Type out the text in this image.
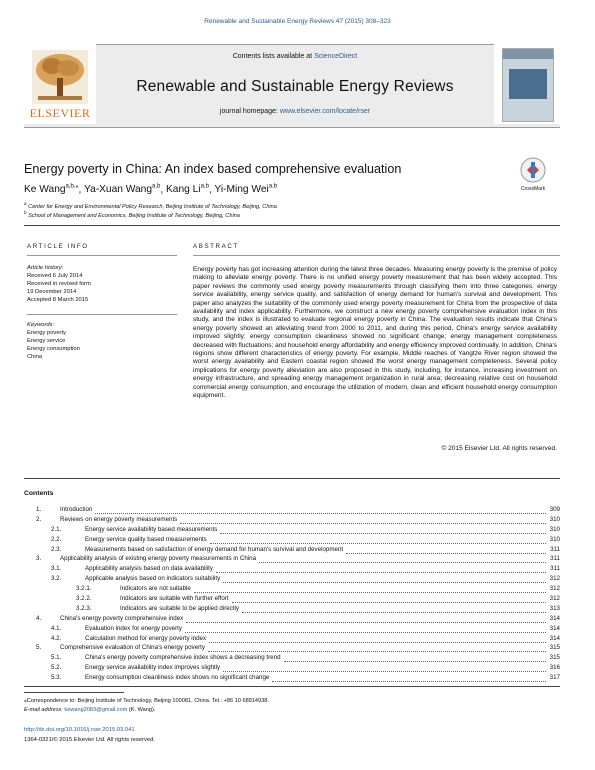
Renewable and Sustainable Energy Reviews 47 (2015) 308–323
ELSEVIER
Contents lists available at ScienceDirect
Renewable and Sustainable Energy Reviews
journal homepage: www.elsevier.com/locate/rser
Energy poverty in China: An index based comprehensive evaluation
CrossMark
Ke Wang$^{a,b,⁎}$, Ya-Xuan Wang$^{a,b}$, Kang Li$^{a,b}$, Yi-Ming Wei$^{a,b}$
$^a$ Center for Energy and Environmental Policy Research, Beijing Institute of Technology, Beijing, China
$^b$ School of Management and Economics, Beijing Institute of Technology, Beijing, China
ARTICLE INFO	ABSTRACT
Article history:
Received 6 July 2014
Received in revised form
19 December 2014
Accepted 8 March 2015
Keywords:
Energy poverty
Energy service
Energy consumption
China
Energy poverty has got increasing attention during the latest three decades. Measuring energy poverty is the premise of policy making to alleviate energy poverty. There is no unified energy poverty measurement that has been widely accepted. This paper reviews the commonly used energy poverty measurements through classifying them into three categories: energy service availability, energy service quality, and satisfaction of energy demand for human's survival and development. This paper also analyzes the suitability of the commonly used energy poverty measurement for China from the prospective of data availability and index applicability. Furthermore, we construct a new energy poverty comprehensive evaluation index in this study, and the index is illustrated to evaluate regional energy poverty in China. The evaluation results indicate that China's energy poverty showed an alleviating trend from 2000 to 2011, and during this period, China's energy service availability improved slightly; energy consumption cleanliness showed no significant change; energy management completeness decreased with fluctuations; and household energy affordability and energy efficiency improved continually. In addition, China's regions show different characteristics of energy poverty. For example, Middle reaches of Yangtze River region showed the worst energy availability and Eastern coastal region showed the worst energy management completeness. Several policy implications for energy poverty alleviation are also proposed in this study, including, for instance, increasing investment on energy infrastructure, and spreading energy management organization in rural area; decreasing relative cost on household commercial energy consumption, and encourage the utilization of modern, clean and efficient household energy consumption equipment.
© 2015 Elsevier Ltd. All rights reserved.
Contents
1.	Introduction	309
2.	Reviews on energy poverty measurements	310
2.1.	Energy service availability based measurements	310
2.2.	Energy service quality based measurements	310
2.3.	Measurements based on satisfaction of energy demand for human's survival and development	311
3.	Applicability analysis of existing energy poverty measurements in China	311
3.1.	Applicability analysis based on data availability	311
3.2.	Applicable analysis based on indicators suitability	312
3.2.1.	Indicators are not suitable	312
3.2.2.	Indicators are suitable with further effort	312
3.2.3.	Indicators are suitable to be applied directly	313
4.	China's energy poverty comprehensive index	314
4.1.	Evaluation index for energy poverty	314
4.2.	Calculation method for energy poverty index	314
5.	Comprehensive evaluation of China's energy poverty	315
5.1.	China's energy poverty comprehensive index shows a decreasing trend	315
5.2.	Energy service availability index improves slightly	316
5.3.	Energy consumption cleanliness index shows no significant change	317
⁎Correspondence to: Beijing Institute of Technology, Beijing 100081, China. Tel.: +86 10 68914938.
E-mail address: kewang2083@gmail.com (K. Wang).
http://dx.doi.org/10.1016/j.rser.2015.03.041
1364-0321/© 2015 Elsevier Ltd. All rights reserved.
